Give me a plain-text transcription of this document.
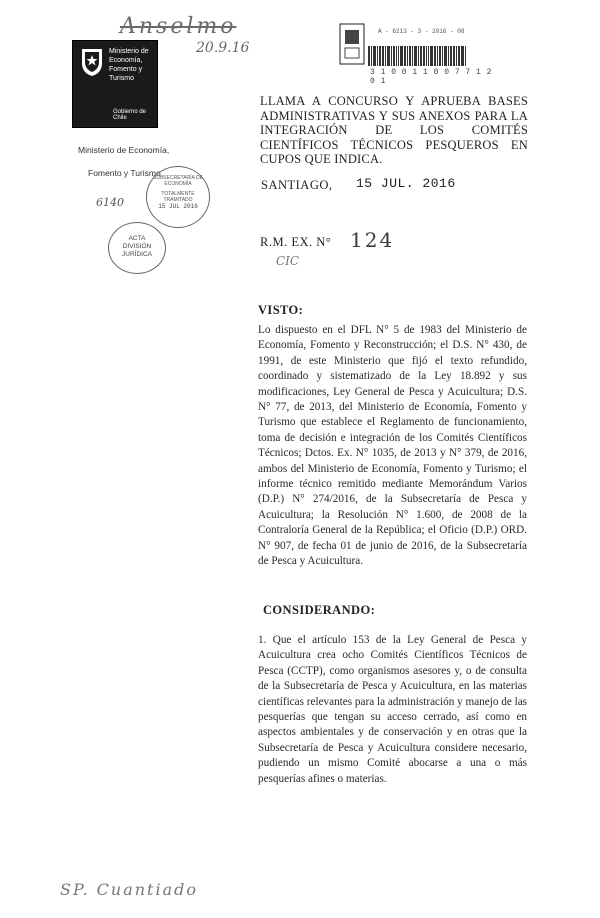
Anselmo
20.9.16
Ministerio de
Economía,
Fomento y
Turismo
Gobierno de Chile
Ministerio de Economía,
Fomento y Turismo
A - 6213 - 3 - 2016 - 08
3 1 0 0 1 1 0 0 7 7 1 2 0 1
LLAMA A CONCURSO Y APRUEBA BASES ADMINISTRATIVAS Y SUS ANEXOS PARA LA INTEGRACIÓN DE LOS COMITÉS CIENTÍFICOS TÉCNICOS PESQUEROS EN CUPOS QUE INDICA.
SANTIAGO, 15 JUL. 2016
SUBSECRETARÍA DE ECONOMÍA
TOTALMENTE TRAMITADO
15 JUL 2016
6140
ACTA
DIVISIÓN
JURÍDICA
R.M. EX. N° 124
CIC
VISTO:
Lo dispuesto en el DFL N° 5 de 1983 del Ministerio de Economía, Fomento y Reconstrucción; el D.S. N° 430, de 1991, de este Ministerio que fijó el texto refundido, coordinado y sistematizado de la Ley 18.892 y sus modificaciones, Ley General de Pesca y Acuicultura; D.S. N° 77, de 2013, del Ministerio de Economía, Fomento y Turismo que establece el Reglamento de funcionamiento, toma de decisión e integración de los Comités Científicos Técnicos; Dctos. Ex. N° 1035, de 2013 y N° 379, de 2016, ambos del Ministerio de Economía, Fomento y Turismo; el informe técnico remitido mediante Memorándum Varios (D.P.) N° 274/2016, de la Subsecretaría de Pesca y Acuicultura; la Resolución N° 1.600, de 2008 de la Contraloría General de la República; el Oficio (D.P.) ORD. N° 907, de fecha 01 de junio de 2016, de la Subsecretaría de Pesca y Acuicultura.
CONSIDERANDO:
1. Que el artículo 153 de la Ley General de Pesca y Acuicultura crea ocho Comités Científicos Técnicos de Pesca (CCTP), como organismos asesores y, o de consulta de la Subsecretaría de Pesca y Acuicultura, en las materias científicas relevantes para la administración y manejo de las pesquerías que tengan su acceso cerrado, así como en aspectos ambientales y de conservación y en otras que la Subsecretaría de Pesca y Acuicultura considere necesario, pudiendo un mismo Comité abocarse a una o más pesquerías afines o materias.
SP. Cuantiado
